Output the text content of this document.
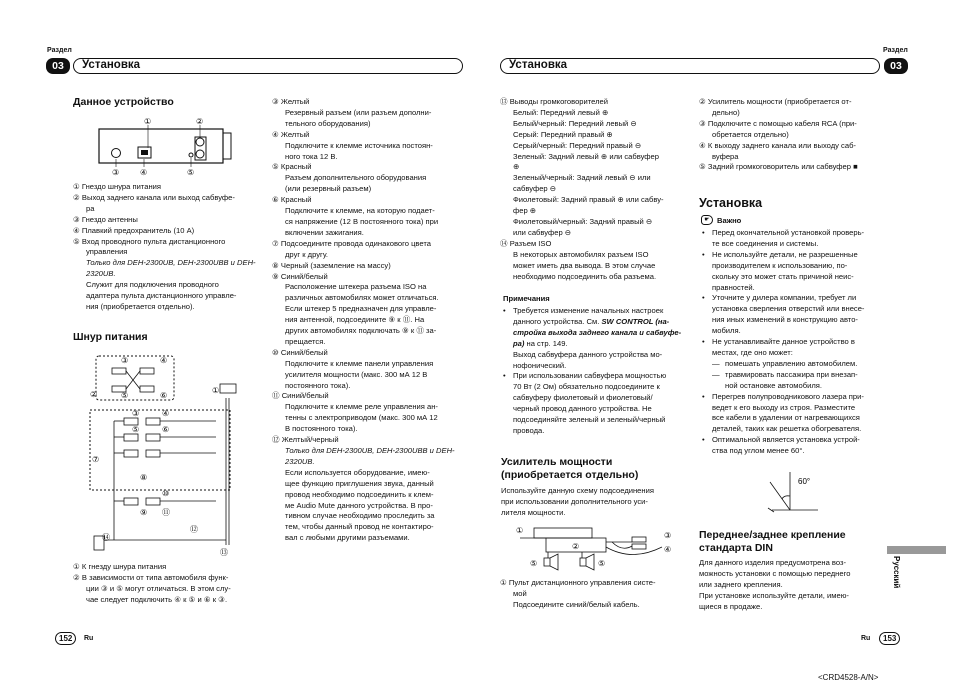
Раздел
03	Установка	Установка
Раздел
03
Данное устройство
①	②
③	④	⑤

① Гнездо шнура питания

② Выход заднего канала или выход сабвуфе-

ра

③ Гнездо антенны

④ Плавкий предохранитель (10 А)

⑤ Вход проводного пульта дистанционного

управления

Только для DEH-2300UB, DEH-2300UBB и DEH-2320UB.

Служит для подключения проводного

адаптера пульта дистанционного управле-

ния (приобретается отдельно).

Шнур питания
③	④
⑤	⑥
②	①
③	④
⑤	⑥
⑦
⑧
⑩
⑨ ⑪
⑫
⑭
⑬

① К гнезду шнура питания

② В зависимости от типа автомобиля функ-

ции ③ и ⑤ могут отличаться. В этом слу-

чае следует подключить ④ к ⑤ и ⑥ к ③.

③ Желтый

Резервный разъем (или разъем дополни-

тельного оборудования)

④ Желтый

Подключите к клемме источника постоян-

ного тока 12 В.

⑤ Красный

Разъем дополнительного оборудования

(или резервный разъем)

⑥ Красный

Подключите к клемме, на которую подает-

ся напряжение (12 В постоянного тока) при

включении зажигания.

⑦ Подсоедините провода одинакового цвета

друг к другу.

⑧ Черный (заземление на массу)

⑨ Синий/белый

Расположение штекера разъема ISO на

различных автомобилях может отличаться.

Если штекер 5 предназначен для управле-

ния антенной, подсоедините ⑨ к ⑪. На

других автомобилях подключать ⑨ к ⑪ за-

прещается.

⑩ Синий/белый

Подключите к клемме панели управления

усилителя мощности (макс. 300 мА 12 В

постоянного тока).

⑪ Синий/белый

Подключите к клемме реле управления ан-

тенны с электроприводом (макс. 300 мА 12

В постоянного тока).

⑫ Желтый/черный

Только для DEH-2300UB, DEH-2300UBB и DEH-2320UB.

Если используется оборудование, имею-

щее функцию приглушения звука, данный

провод необходимо подсоединить к клем-

ме Audio Mute данного устройства. В про-

тивном случае необходимо проследить за

тем, чтобы данный провод не контактиро-

вал с любыми другими разъемами.

⑬ Выводы громкоговорителей

Белый: Передний левый ⊕

Белый/черный: Передний левый ⊖

Серый: Передний правый ⊕

Серый/черный: Передний правый ⊖

Зеленый: Задний левый ⊕ или сабвуфер

⊕

Зеленый/черный: Задний левый ⊖ или

сабвуфер ⊖

Фиолетовый: Задний правый ⊕ или сабву-

фер ⊕

Фиолетовый/черный: Задний правый ⊖

или сабвуфер ⊖

⑭ Разъем ISO

В некоторых автомобилях разъем ISO

может иметь два вывода. В этом случае

необходимо подсоединить оба разъема.

Примечания

• Требуется изменение начальных настроек

данного устройства. См. SW CONTROL (на-

стройка выхода заднего канала и сабвуфе-

ра) на стр. 149.

Выход сабвуфера данного устройства мо-

нофонический.

• При использовании сабвуфера мощностью

70 Вт (2 Ом) обязательно подсоедините к

сабвуферу фиолетовый и фиолетовый/

черный провод данного устройства. Не

подсоединяйте зеленый и зеленый/черный

провода.

Усилитель мощности
(приобретается отдельно)

Используйте данную схему подсоединения

при использовании дополнительного уси-

лителя мощности.

①
②
③
④
⑤	⑤

① Пульт дистанционного управления систе-

мой

Подсоедините синий/белый кабель.

② Усилитель мощности (приобретается от-

дельно)

③ Подключите с помощью кабеля RCA (при-

обретается отдельно)

④ К выходу заднего канала или выходу саб-

вуфера

⑤ Задний громкоговоритель или сабвуфер ■

Установка
☛ Важно

• Перед окончательной установкой проверь-

те все соединения и системы.

• Не используйте детали, не разрешенные

производителем к использованию, по-

скольку это может стать причиной неис-

правностей.

• Уточните у дилера компании, требует ли

установка сверления отверстий или внесе-

ния иных изменений в конструкцию авто-

мобиля.

• Не устанавливайте данное устройство в

местах, где оно может:

— помешать управлению автомобилем.

— травмировать пассажира при внезап-

ной остановке автомобиля.

• Перегрев полупроводникового лазера при-

ведет к его выходу из строя. Разместите

все кабели в удалении от нагревающихся

деталей, таких как решетка обогревателя.

• Оптимальной является установка устрой-

ства под углом менее 60°.

60°
Переднее/заднее крепление
стандарта DIN

Для данного изделия предусмотрена воз-

можность установки с помощью переднего

или заднего крепления.

При установке используйте детали, имею-

щиеся в продаже.

Русский
152	Ru	Ru	153
<CRD4528-A/N>
